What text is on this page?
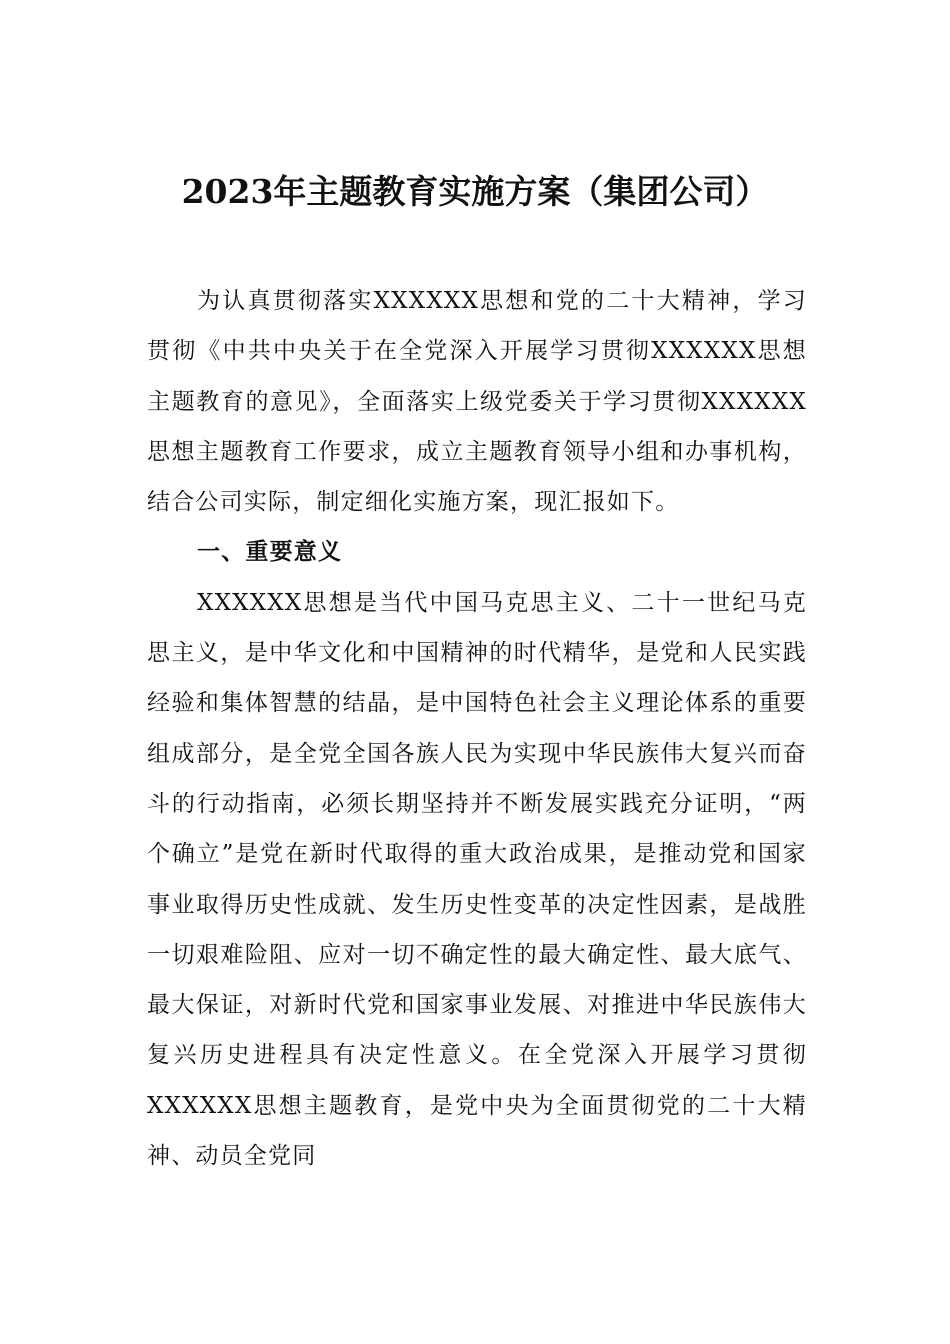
2023年主题教育实施方案（集团公司）

为认真贯彻落实XXXXXX思想和党的二十大精神，学习贯彻《中共中央关于在全党深入开展学习贯彻XXXXXX思想主题教育的意见》，全面落实上级党委关于学习贯彻XXXXXX思想主题教育工作要求，成立主题教育领导小组和办事机构，结合公司实际，制定细化实施方案，现汇报如下。

一、重要意义

XXXXXX思想是当代中国马克思主义、二十一世纪马克思主义，是中华文化和中国精神的时代精华，是党和人民实践经验和集体智慧的结晶，是中国特色社会主义理论体系的重要组成部分，是全党全国各族人民为实现中华民族伟大复兴而奋斗的行动指南，必须长期坚持并不断发展实践充分证明，“两个确立”是党在新时代取得的重大政治成果，是推动党和国家事业取得历史性成就、发生历史性变革的决定性因素，是战胜一切艰难险阻、应对一切不确定性的最大确定性、最大底气、最大保证，对新时代党和国家事业发展、对推进中华民族伟大复兴历史进程具有决定性意义。在全党深入开展学习贯彻XXXXXX思想主题教育，是党中央为全面贯彻党的二十大精神、动员全党同
